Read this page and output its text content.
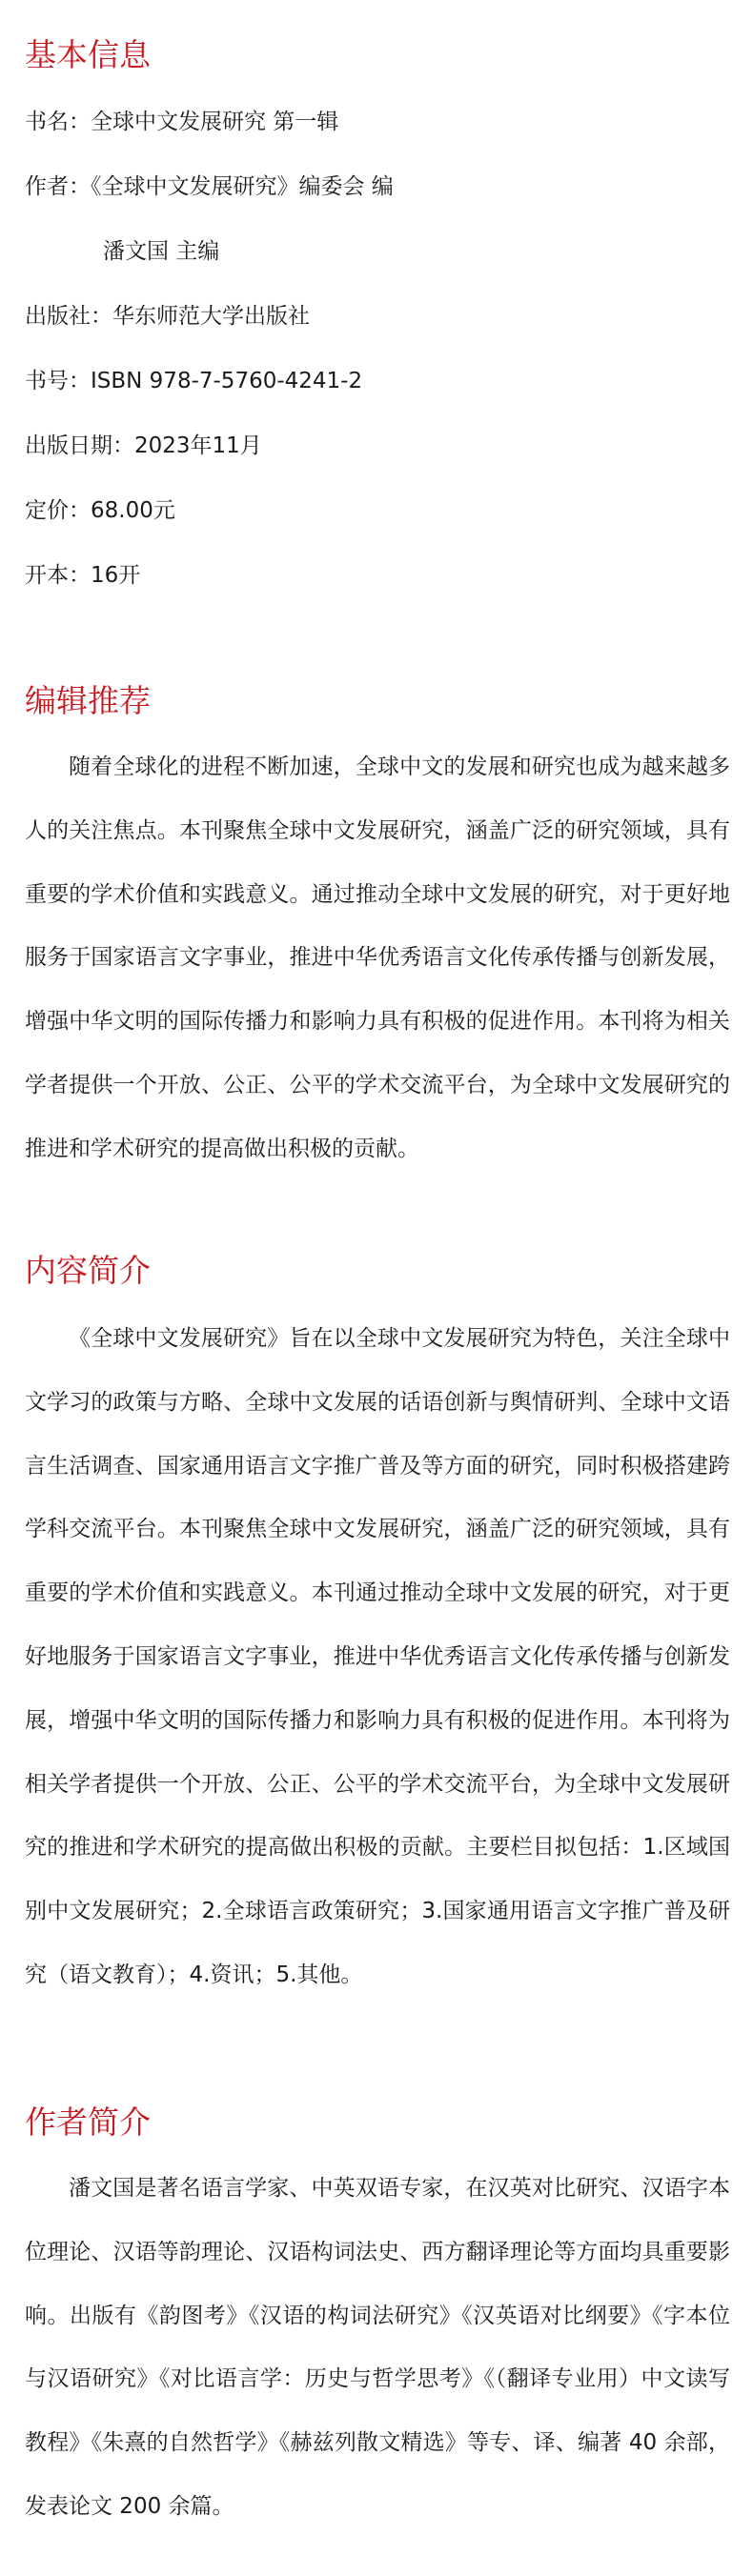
基本信息

书名：全球中文发展研究 第一辑

作者：《全球中文发展研究》编委会 编

潘文国 主编

出版社：华东师范大学出版社

书号：ISBN 978-7-5760-4241-2

出版日期：2023年11月

定价：68.00元

开本：16开

编辑推荐

随着全球化的进程不断加速，全球中文的发展和研究也成为越来越多人的关注焦点。本刊聚焦全球中文发展研究，涵盖广泛的研究领域，具有重要的学术价值和实践意义。通过推动全球中文发展的研究，对于更好地服务于国家语言文字事业，推进中华优秀语言文化传承传播与创新发展，增强中华文明的国际传播力和影响力具有积极的促进作用。本刊将为相关学者提供一个开放、公正、公平的学术交流平台，为全球中文发展研究的推进和学术研究的提高做出积极的贡献。

内容简介

《全球中文发展研究》旨在以全球中文发展研究为特色，关注全球中文学习的政策与方略、全球中文发展的话语创新与舆情研判、全球中文语言生活调查、国家通用语言文字推广普及等方面的研究，同时积极搭建跨学科交流平台。本刊聚焦全球中文发展研究，涵盖广泛的研究领域，具有重要的学术价值和实践意义。本刊通过推动全球中文发展的研究，对于更好地服务于国家语言文字事业，推进中华优秀语言文化传承传播与创新发展，增强中华文明的国际传播力和影响力具有积极的促进作用。本刊将为相关学者提供一个开放、公正、公平的学术交流平台，为全球中文发展研究的推进和学术研究的提高做出积极的贡献。主要栏目拟包括：1.区域国别中文发展研究；2.全球语言政策研究；3.国家通用语言文字推广普及研究（语文教育）；4.资讯；5.其他。

作者简介

潘文国是著名语言学家、中英双语专家，在汉英对比研究、汉语字本位理论、汉语等韵理论、汉语构词法史、西方翻译理论等方面均具重要影响。出版有《韵图考》《汉语的构词法研究》《汉英语对比纲要》《字本位与汉语研究》《对比语言学：历史与哲学思考》《（翻译专业用）中文读写教程》《朱熹的自然哲学》《赫兹列散文精选》等专、译、编著 40 余部，发表论文 200 余篇。
